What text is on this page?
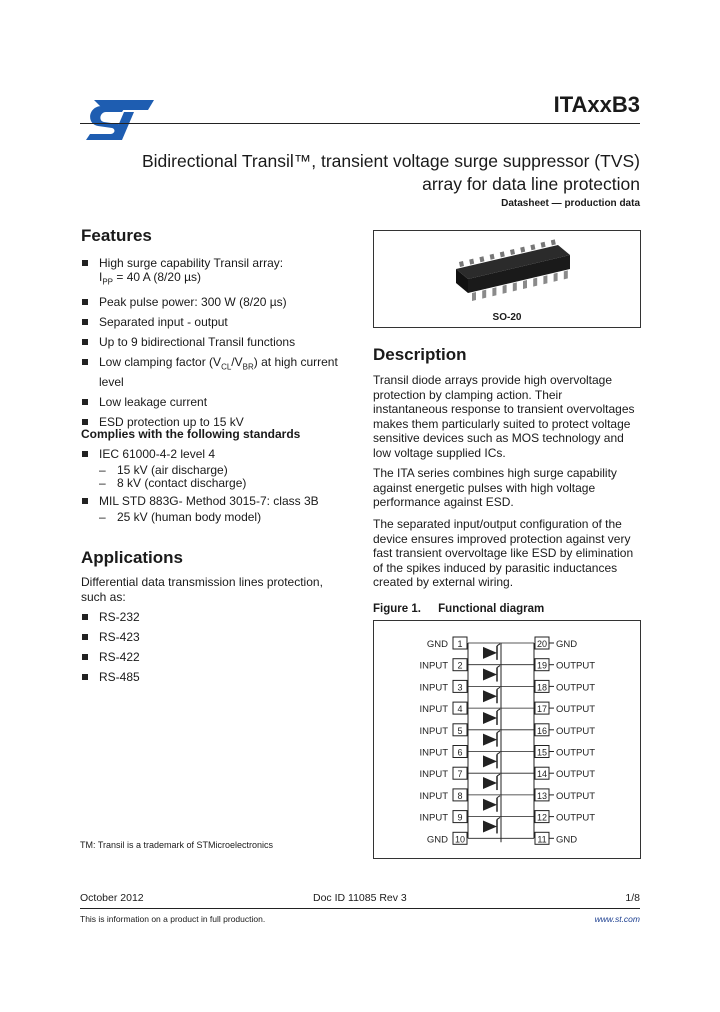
ITAxxB3
Bidirectional Transil™, transient voltage surge suppressor (TVS)
array for data line protection
Datasheet — production data
Features
High surge capability Transil array:
$I_{PP} = 40$ A (8/20 µs)
Peak pulse power: 300 W (8/20 µs)
Separated input - output
Up to 9 bidirectional Transil functions
Low clamping factor $(V_{CL}/V_{BR})$ at high current level
Low leakage current
ESD protection up to 15 kV
Complies with the following standards
IEC 61000-4-2 level 4
– 15 kV (air discharge)
– 8 kV (contact discharge)
MIL STD 883G- Method 3015-7: class 3B
– 25 kV (human body model)
Applications
Differential data transmission lines protection, such as:
RS-232
RS-423
RS-422
RS-485
SO-20
Description

Transil diode arrays provide high overvoltage protection by clamping action. Their instantaneous response to transient overvoltages makes them particularly suited to protect voltage sensitive devices such as MOS technology and low voltage supplied ICs.

The ITA series combines high surge capability against energetic pulses with high voltage performance against ESD.

The separated input/output configuration of the device ensures improved protection against very fast transient overvoltage like ESD by elimination of the spikes induced by parasitic inductances created by external wiring.

Figure 1. Functional diagram
GND 1	20 GND
INPUT 2	19 OUTPUT
INPUT 3	18 OUTPUT
INPUT 4	17 OUTPUT
INPUT 5	16 OUTPUT
INPUT 6	15 OUTPUT
INPUT 7	14 OUTPUT
INPUT 8	13 OUTPUT
INPUT 9	12 OUTPUT
GND 10	11 GND
TM: Transil is a trademark of STMicroelectronics
October 2012	Doc ID 11085 Rev 3	1/8
This is information on a product in full production.	www.st.com
